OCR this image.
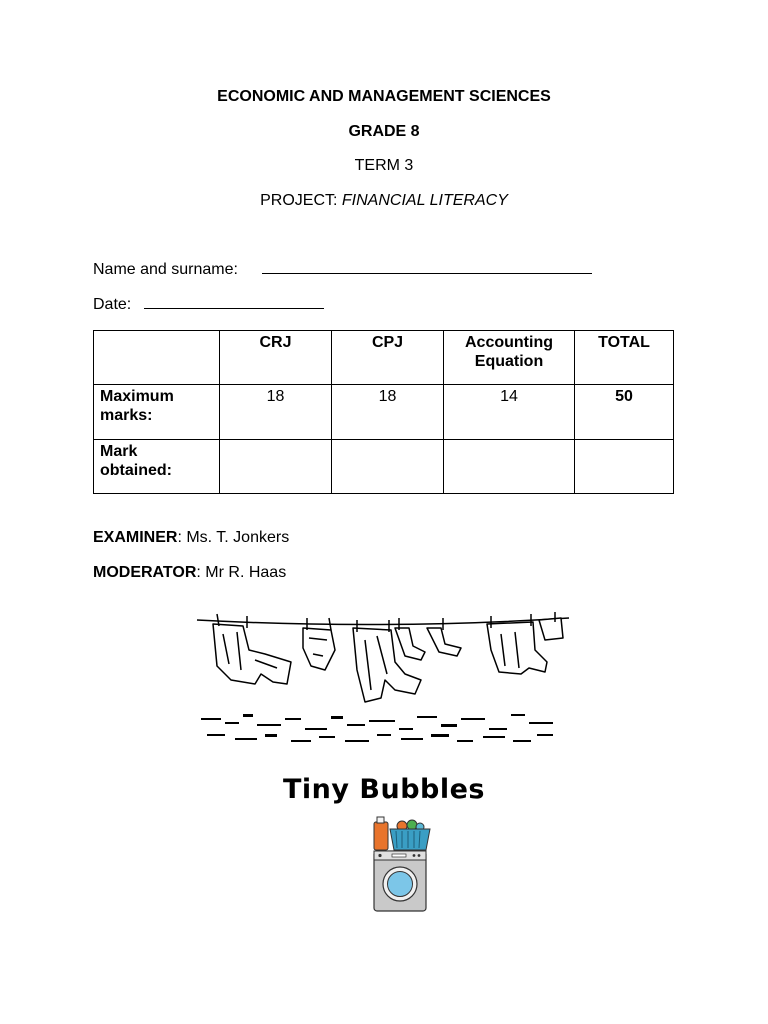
ECONOMIC AND MANAGEMENT SCIENCES
GRADE 8
TERM 3
PROJECT: FINANCIAL LITERACY
Name and surname:
Date:
	CRJ	CPJ	Accounting Equation	TOTAL
Maximum marks:	18	18	14	50
Mark obtained:				
EXAMINER: Ms. T. Jonkers
MODERATOR: Mr R. Haas
Tiny Bubbles
